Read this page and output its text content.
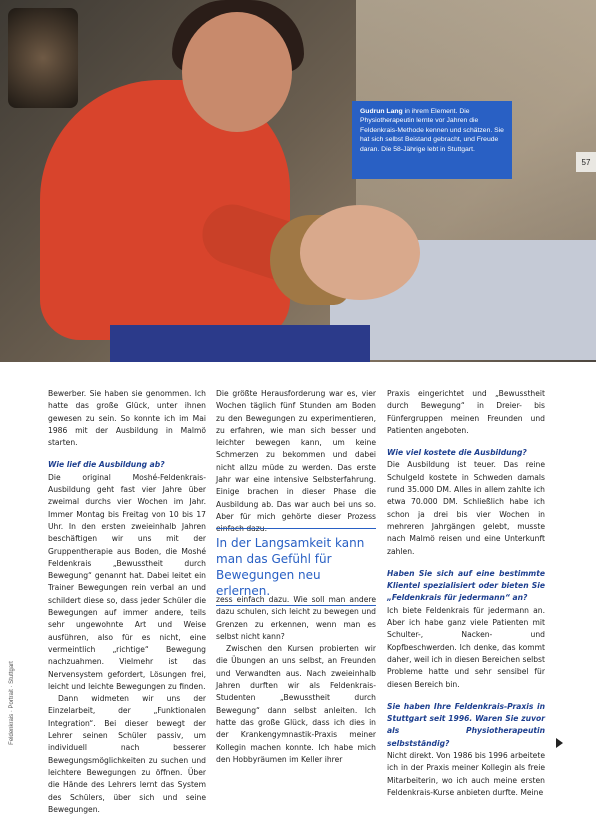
Gudrun Lang in ihrem Element. Die Physiotherapeutin lernte vor Jahren die Feldenkrais-Methode kennen und schätzen. Sie hat sich selbst Beistand gebracht, und Freude daran. Die 58-Jährige lebt in Stuttgart.
57
Feldenkrais · Portrait · Stuttgart

Bewerber. Sie haben sie genommen. Ich hatte das große Glück, unter ihnen gewesen zu sein. So konnte ich im Mai 1986 mit der Ausbildung in Malmö starten.

Wie lief die Ausbildung ab?

Die original Moshé-Feldenkrais-Ausbildung geht fast vier Jahre über zweimal durchs vier Wochen im Jahr. Immer Montag bis Freitag von 10 bis 17 Uhr. In den ersten zweieinhalb Jahren beschäftigen wir uns mit der Gruppentherapie aus Boden, die Moshé Feldenkrais „Bewusstheit durch Bewegung“ genannt hat. Dabei leitet ein Trainer Bewegungen rein verbal an und schildert diese so, dass jeder Schüler die Bewegungen auf immer andere, teils sehr ungewohnte Art und Weise ausführen, also für es nicht, eine vermeintlich „richtige“ Bewegung nachzuahmen. Vielmehr ist das Nervensystem gefordert, Lösungen frei, leicht und leichte Bewegungen zu finden.

Dann widmeten wir uns der Einzelarbeit, der „Funktionalen Integration“. Bei dieser bewegt der Lehrer seinen Schüler passiv, um individuell nach besserer Bewegungsmöglichkeiten zu suchen und leichtere Bewegungen zu öffnen. Über die Hände des Lehrers lernt das System des Schülers, über sich und seine Bewegungen.

Die größte Herausforderung war es, vier Wochen täglich fünf Stunden am Boden zu den Bewegungen zu experimentieren, zu erfahren, wie man sich besser und leichter bewegen kann, um keine Schmerzen zu bekommen und dabei nicht allzu müde zu werden. Das erste Jahr war eine intensive Selbsterfahrung. Einige brachen in dieser Phase die Ausbildung ab. Das war auch bei uns so. Aber für mich gehörte dieser Prozess einfach dazu.

In der Langsamkeit kann man das Gefühl für Bewegungen neu erlernen.

zess einfach dazu. Wie soll man andere dazu schulen, sich leicht zu bewegen und Grenzen zu erkennen, wenn man es selbst nicht kann?

Zwischen den Kursen probierten wir die Übungen an uns selbst, an Freunden und Verwandten aus. Nach zweieinhalb Jahren durften wir als Feldenkrais-Studenten „Bewusstheit durch Bewegung“ dann selbst anleiten. Ich hatte das große Glück, dass ich dies in der Krankengymnastik-Praxis meiner Kollegin machen konnte. Ich habe mich den Hobbyräumen im Keller ihrer

Praxis eingerichtet und „Bewusstheit durch Bewegung“ in Dreier- bis Fünfergruppen meinen Freunden und Patienten angeboten.

Wie viel kostete die Ausbildung?

Die Ausbildung ist teuer. Das reine Schulgeld kostete in Schweden damals rund 35.000 DM. Alles in allem zahlte ich etwa 70.000 DM. Schließlich habe ich schon ja drei bis vier Wochen in mehreren Jahrgängen gelebt, musste nach Malmö reisen und eine Unterkunft zahlen.

Haben Sie sich auf eine bestimmte Klientel spezialisiert oder bieten Sie „Feldenkrais für jedermann“ an?

Ich biete Feldenkrais für jedermann an. Aber ich habe ganz viele Patienten mit Schulter-, Nacken- und Kopfbeschwerden. Ich denke, das kommt daher, weil ich in diesen Bereichen selbst Probleme hatte und sehr sensibel für diesen Bereich bin.

Sie haben Ihre Feldenkrais-Praxis in Stuttgart seit 1996. Waren Sie zuvor als Physiotherapeutin selbstständig?

Nicht direkt. Von 1986 bis 1996 arbeitete ich in der Praxis meiner Kollegin als freie Mitarbeiterin, wo ich auch meine ersten Feldenkrais-Kurse anbieten durfte. Meine
